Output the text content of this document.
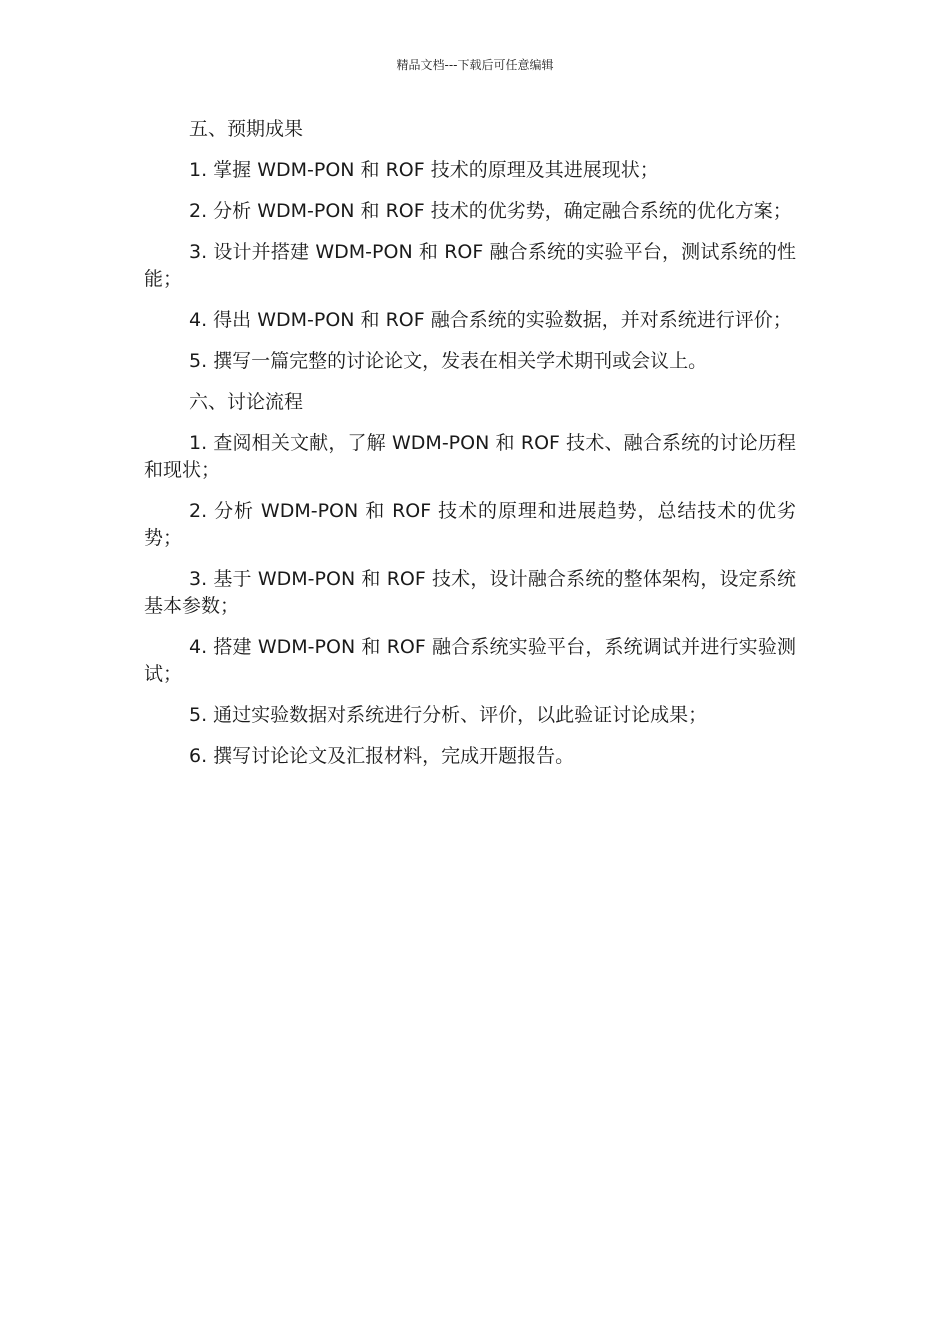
精品文档---下载后可任意编辑

五、预期成果

1. 掌握 WDM-PON 和 ROF 技术的原理及其进展现状；

2. 分析 WDM-PON 和 ROF 技术的优劣势，确定融合系统的优化方案；

3. 设计并搭建 WDM-PON 和 ROF 融合系统的实验平台，测试系统的性能；

4. 得出 WDM-PON 和 ROF 融合系统的实验数据，并对系统进行评价；

5. 撰写一篇完整的讨论论文，发表在相关学术期刊或会议上。

六、讨论流程

1. 查阅相关文献，了解 WDM-PON 和 ROF 技术、融合系统的讨论历程和现状；

2. 分析 WDM-PON 和 ROF 技术的原理和进展趋势，总结技术的优劣势；

3. 基于 WDM-PON 和 ROF 技术，设计融合系统的整体架构，设定系统基本参数；

4. 搭建 WDM-PON 和 ROF 融合系统实验平台，系统调试并进行实验测试；

5. 通过实验数据对系统进行分析、评价，以此验证讨论成果；

6. 撰写讨论论文及汇报材料，完成开题报告。
